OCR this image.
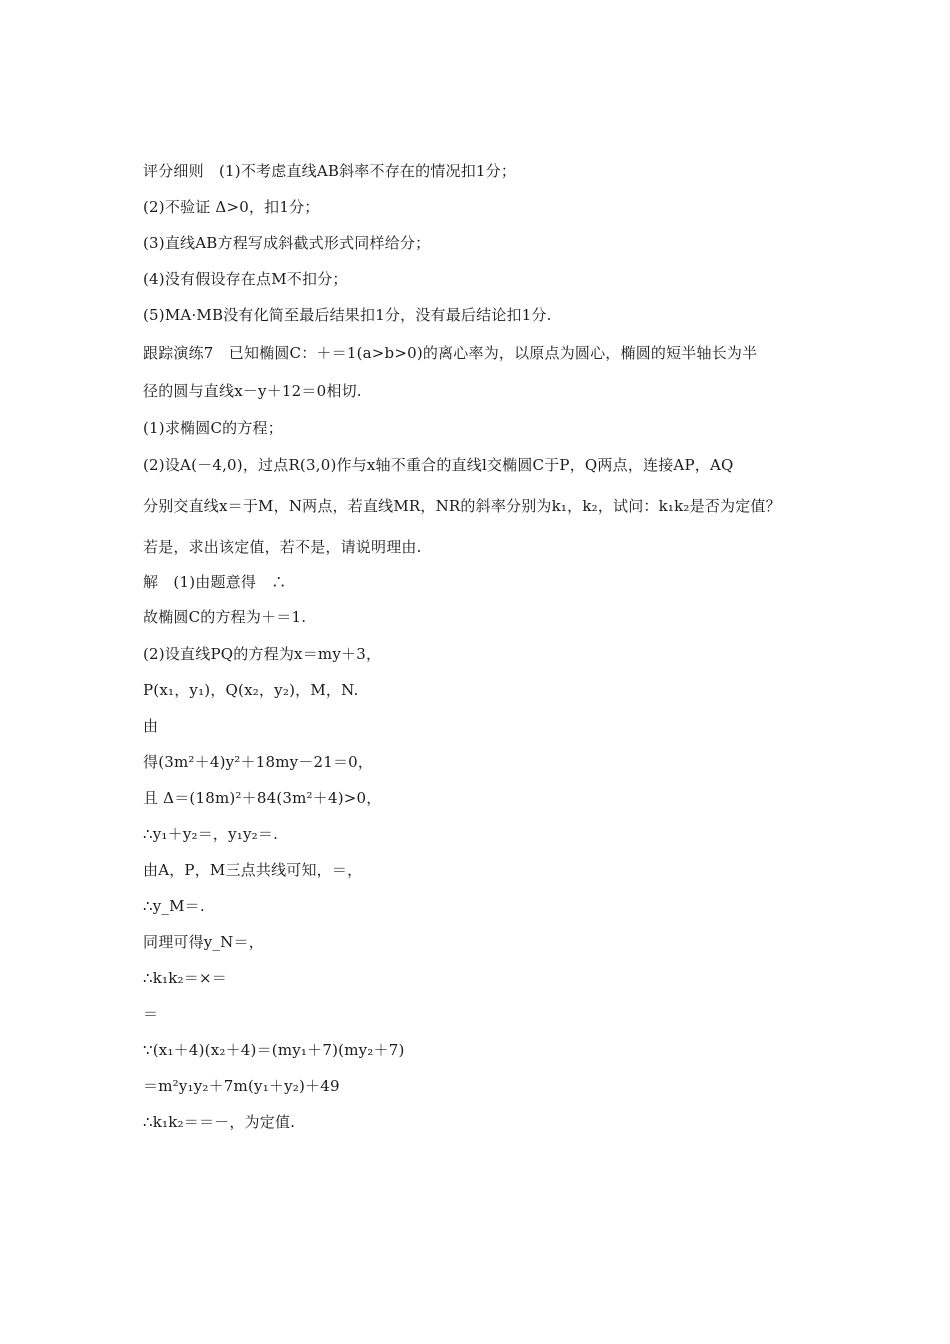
评分细则　(1)不考虑直线AB斜率不存在的情况扣1分；
(2)不验证 Δ>0，扣1分；
(3)直线AB方程写成斜截式形式同样给分；
(4)没有假设存在点M不扣分；
(5)MA·MB没有化简至最后结果扣1分，没有最后结论扣1分.
跟踪演练7　已知椭圆C：＋＝1(a>b>0)的离心率为，以原点为圆心，椭圆的短半轴长为半
径的圆与直线x－y＋12＝0相切.
(1)求椭圆C的方程；
(2)设A(－4,0)，过点R(3,0)作与x轴不重合的直线l交椭圆C于P，Q两点，连接AP，AQ
分别交直线x＝于M，N两点，若直线MR，NR的斜率分别为k₁，k₂，试问：k₁k₂是否为定值？
若是，求出该定值，若不是，请说明理由.
解　(1)由题意得　∴
故椭圆C的方程为＋＝1.
(2)设直线PQ的方程为x＝my＋3，
P(x₁，y₁)，Q(x₂，y₂)，M，N.
由
得(3m²＋4)y²＋18my－21＝0，
且 Δ＝(18m)²＋84(3m²＋4)>0，
∴y₁＋y₂＝，y₁y₂＝.
由A，P，M三点共线可知，＝，
∴y_M＝.
同理可得y_N＝，
∴k₁k₂＝×＝
＝
∵(x₁＋4)(x₂＋4)＝(my₁＋7)(my₂＋7)
＝m²y₁y₂＋7m(y₁＋y₂)＋49
∴k₁k₂＝＝－，为定值.
